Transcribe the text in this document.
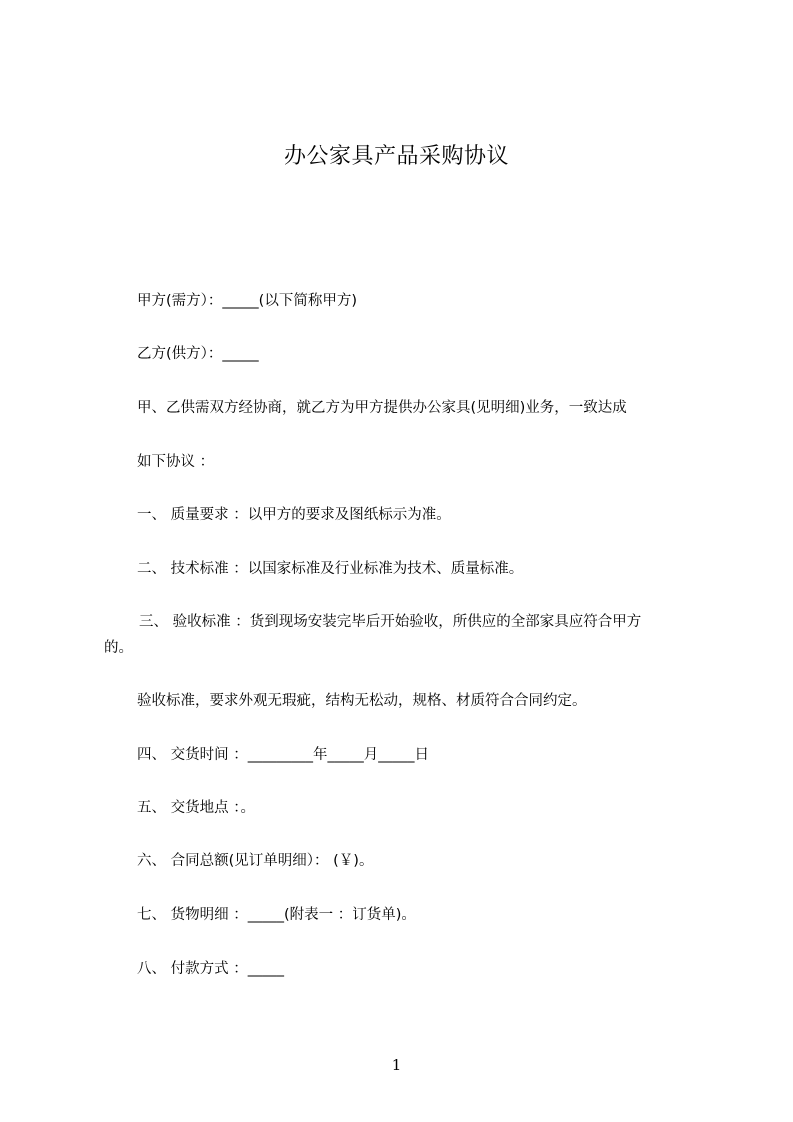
办公家具产品采购协议
甲方(需方）：_____(以下简称甲方)
乙方(供方）：_____
甲、乙供需双方经协商，就乙方为甲方提供办公家具(见明细)业务，一致达成
如下协议 ：
一、 质量要求 ：以甲方的要求及图纸标示为准。
二、 技术标准 ：以国家标准及行业标准为技术、质量标准。
三、 验收标准 ：货到现场安装完毕后开始验收，所供应的全部家具应符合甲方
的。
验收标准，要求外观无瑕疵，结构无松动，规格、材质符合合同约定。
四、 交货时间 ：_________年_____月_____日
五、 交货地点 ：。
六、 合同总额(见订单明细）： (￥)。
七、 货物明细 ：_____(附表一 ：订货单)。
八、 付款方式 ：_____
1
